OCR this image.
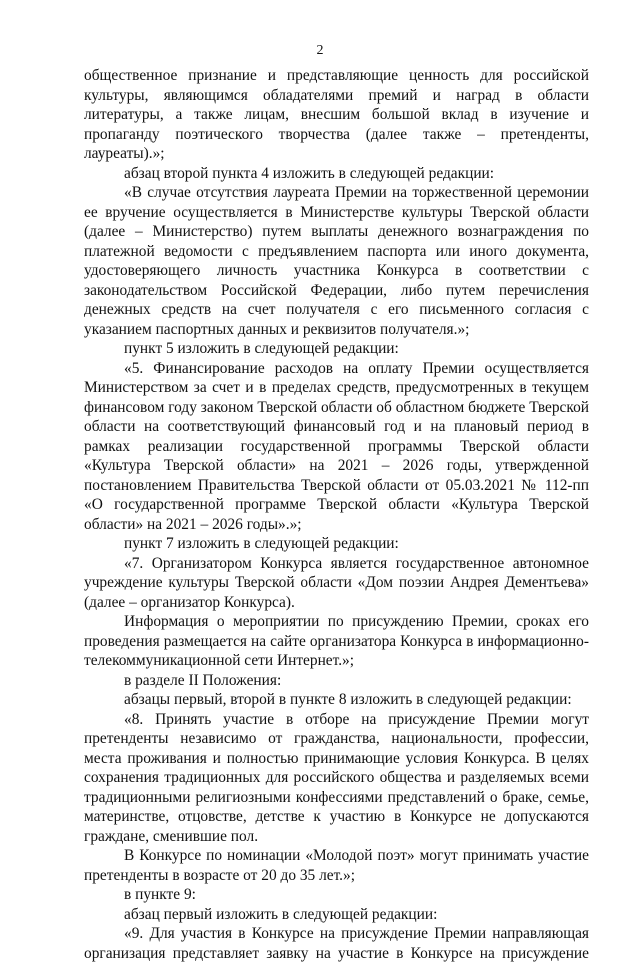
2

общественное признание и представляющие ценность для российской культуры, являющимся обладателями премий и наград в области литературы, а также лицам, внесшим большой вклад в изучение и пропаганду поэтического творчества (далее также – претенденты, лауреаты).»;

абзац второй пункта 4 изложить в следующей редакции:

«В случае отсутствия лауреата Премии на торжественной церемонии ее вручение осуществляется в Министерстве культуры Тверской области (далее – Министерство) путем выплаты денежного вознаграждения по платежной ведомости с предъявлением паспорта или иного документа, удостоверяющего личность участника Конкурса в соответствии с законодательством Российской Федерации, либо путем перечисления денежных средств на счет получателя с его письменного согласия с указанием паспортных данных и реквизитов получателя.»;

пункт 5 изложить в следующей редакции:

«5. Финансирование расходов на оплату Премии осуществляется Министерством за счет и в пределах средств, предусмотренных в текущем финансовом году законом Тверской области об областном бюджете Тверской области на соответствующий финансовый год и на плановый период в рамках реализации государственной программы Тверской области «Культура Тверской области» на 2021 – 2026 годы, утвержденной постановлением Правительства Тверской области от 05.03.2021 № 112-пп «О государственной программе Тверской области «Культура Тверской области» на 2021 – 2026 годы».»;

пункт 7 изложить в следующей редакции:

«7. Организатором Конкурса является государственное автономное учреждение культуры Тверской области «Дом поэзии Андрея Дементьева» (далее – организатор Конкурса).

Информация о мероприятии по присуждению Премии, сроках его проведения размещается на сайте организатора Конкурса в информационно-телекоммуникационной сети Интернет.»;

в разделе II Положения:

абзацы первый, второй в пункте 8 изложить в следующей редакции:

«8. Принять участие в отборе на присуждение Премии могут претенденты независимо от гражданства, национальности, профессии, места проживания и полностью принимающие условия Конкурса. В целях сохранения традиционных для российского общества и разделяемых всеми традиционными религиозными конфессиями представлений о браке, семье, материнстве, отцовстве, детстве к участию в Конкурсе не допускаются граждане, сменившие пол.

В Конкурсе по номинации «Молодой поэт» могут принимать участие претенденты в возрасте от 20 до 35 лет.»;

в пункте 9:

абзац первый изложить в следующей редакции:

«9. Для участия в Конкурсе на присуждение Премии направляющая организация представляет заявку на участие в Конкурсе на присуждение
